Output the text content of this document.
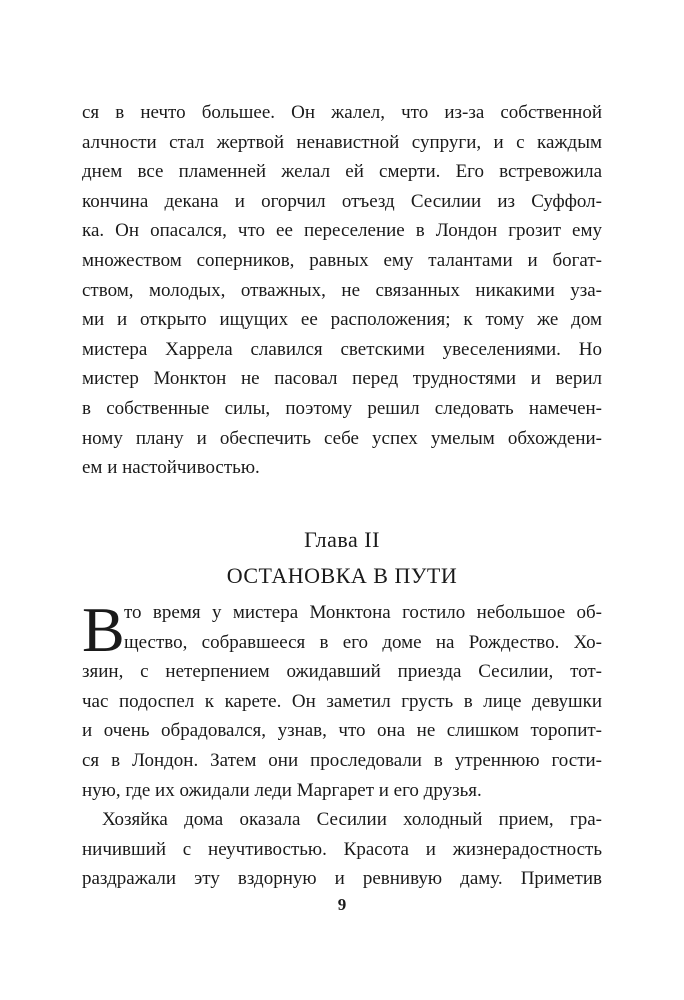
ся в нечто большее. Он жалел, что из-за собственной
алчности стал жертвой ненавистной супруги, и с каждым
днем все пламенней желал ей смерти. Его встревожила
кончина декана и огорчил отъезд Сесилии из Суффол-
ка. Он опасался, что ее переселение в Лондон грозит ему
множеством соперников, равных ему талантами и богат-
ством, молодых, отважных, не связанных никакими уза-
ми и открыто ищущих ее расположения; к тому же дом
мистера Харрела славился светскими увеселениями. Но
мистер Монктон не пасовал перед трудностями и верил
в собственные силы, поэтому решил следовать намечен-
ному плану и обеспечить себе успех умелым обхождени-
ем и настойчивостью.
Глава II
ОСТАНОВКА В ПУТИ
В то время у мистера Монктона гостило небольшое об-
щество, собравшееся в его доме на Рождество. Хо-
зяин, с нетерпением ожидавший приезда Сесилии, тот-
час подоспел к карете. Он заметил грусть в лице девушки
и очень обрадовался, узнав, что она не слишком торопит-
ся в Лондон. Затем они проследовали в утреннюю гости-
ную, где их ожидали леди Маргарет и его друзья.
Хозяйка дома оказала Сесилии холодный прием, гра-
ничивший с неучтивостью. Красота и жизнерадостность
раздражали эту вздорную и ревнивую даму. Приметив
9
